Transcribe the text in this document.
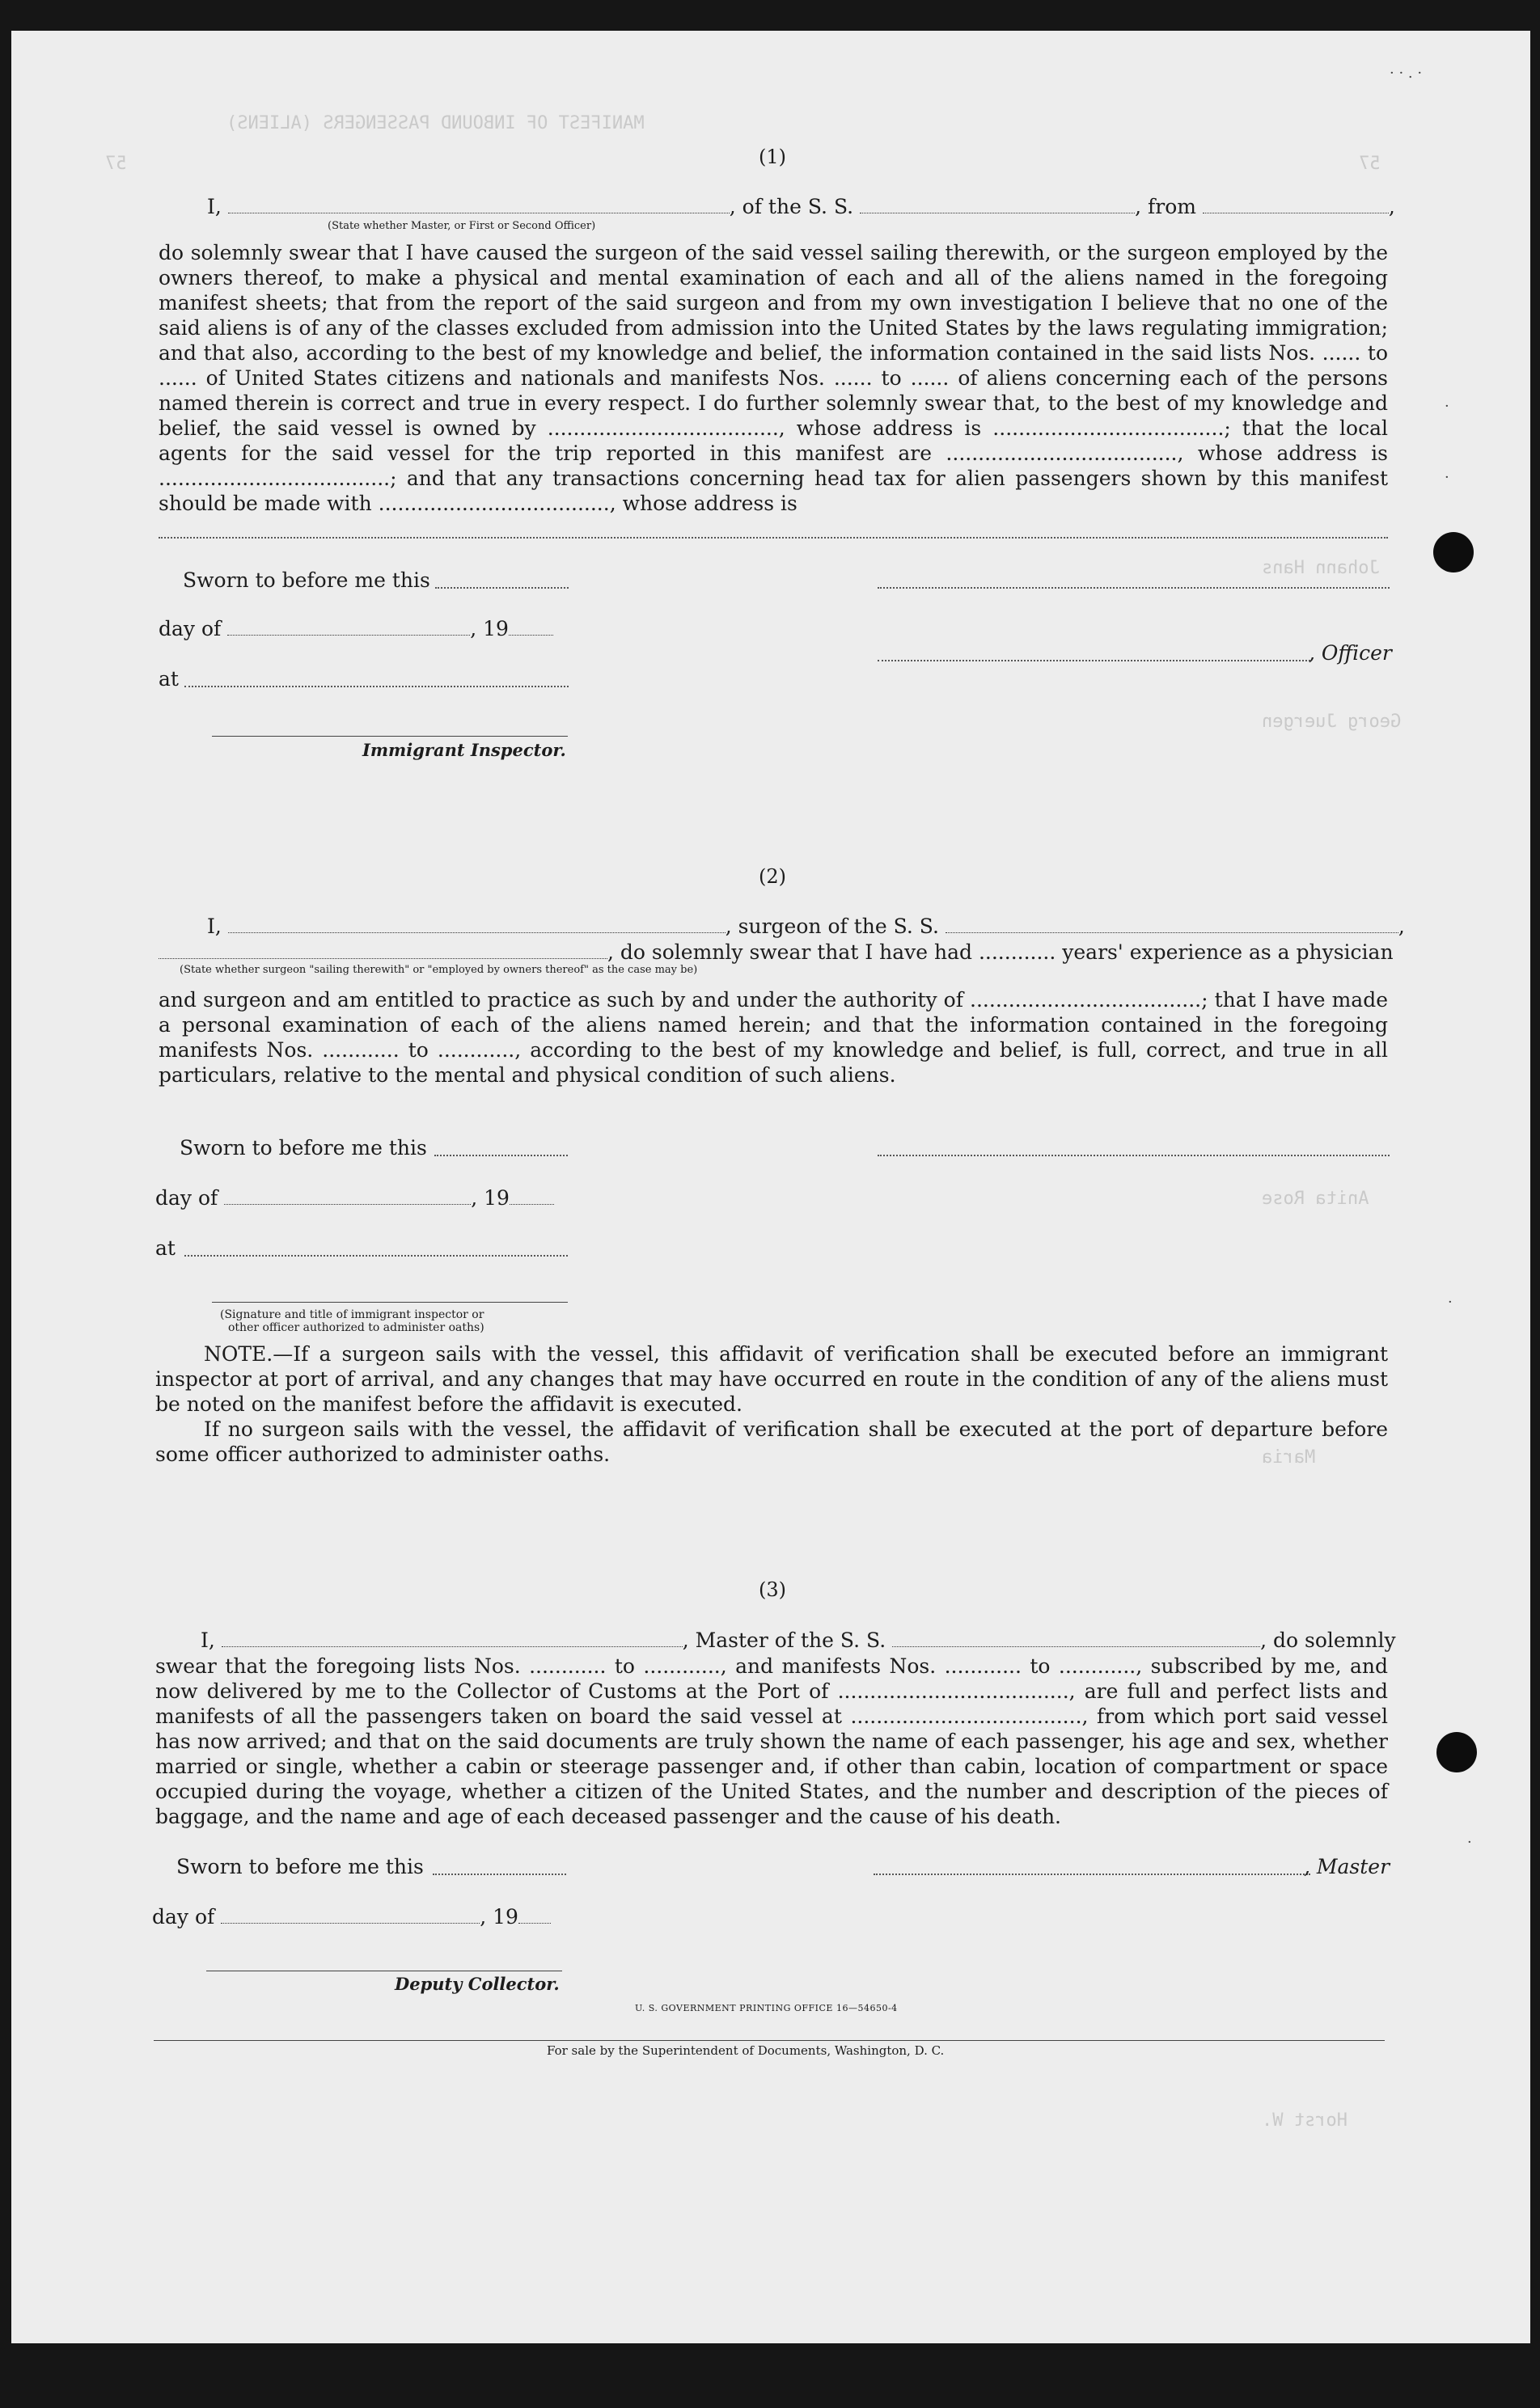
MANIFEST OF INBOUND PASSENGERS (ALIENS)
57	57
Johann Hans
Georg Juergen
Anita Rose
Maria
Horst W.
(1)
I,	, of the S. S.	, from	,
(State whether Master, or First or Second Officer)
do solemnly swear that I have caused the surgeon of the said vessel sailing therewith, or the surgeon employed by the owners thereof, to make a physical and mental examination of each and all of the aliens named in the foregoing manifest sheets; that from the report of the said surgeon and from my own investigation I believe that no one of the said aliens is of any of the classes excluded from admission into the United States by the laws regulating immigration; and that also, according to the best of my knowledge and belief, the information contained in the said lists Nos. ...... to ...... of United States citizens and nationals and manifests Nos. ...... to ...... of aliens concerning each of the persons named therein is correct and true in every respect. I do further solemnly swear that, to the best of my knowledge and belief, the said vessel is owned by ...................................., whose address is ....................................; that the local agents for the said vessel for the trip reported in this manifest are ...................................., whose address is ....................................; and that any transactions concerning head tax for alien passengers shown by this manifest should be made with ...................................., whose address is
Sworn to before me this
day of	, 19
, Officer
at
Immigrant Inspector.
(2)
I,	, surgeon of the S. S.	,
, do solemnly swear that I have had ............ years' experience as a physician
(State whether surgeon "sailing therewith" or "employed by owners thereof" as the case may be)
and surgeon and am entitled to practice as such by and under the authority of ....................................; that I have made a personal examination of each of the aliens named herein; and that the information contained in the foregoing manifests Nos. ............ to ............, according to the best of my knowledge and belief, is full, correct, and true in all particulars, relative to the mental and physical condition of such aliens.
Sworn to before me this
day of	, 19
at
(Signature and title of immigrant inspector or
other officer authorized to administer oaths)
NOTE.—If a surgeon sails with the vessel, this affidavit of verification shall be executed before an immigrant inspector at port of arrival, and any changes that may have occurred en route in the condition of any of the aliens must be noted on the manifest before the affidavit is executed.
If no surgeon sails with the vessel, the affidavit of verification shall be executed at the port of departure before some officer authorized to administer oaths.
(3)
I,	, Master of the S. S.	, do solemnly
swear that the foregoing lists Nos. ............ to ............, and manifests Nos. ............ to ............, subscribed by me, and now delivered by me to the Collector of Customs at the Port of ...................................., are full and perfect lists and manifests of all the passengers taken on board the said vessel at ...................................., from which port said vessel has now arrived; and that on the said documents are truly shown the name of each passenger, his age and sex, whether married or single, whether a cabin or steerage passenger and, if other than cabin, location of compartment or space occupied during the voyage, whether a citizen of the United States, and the number and description of the pieces of baggage, and the name and age of each deceased passenger and the cause of his death.
Sworn to before me this	, Master
day of	, 19
Deputy Collector.
U. S. GOVERNMENT PRINTING OFFICE 16—54650-4
For sale by the Superintendent of Documents, Washington, D. C.
· · . ·
·
·
·
·
